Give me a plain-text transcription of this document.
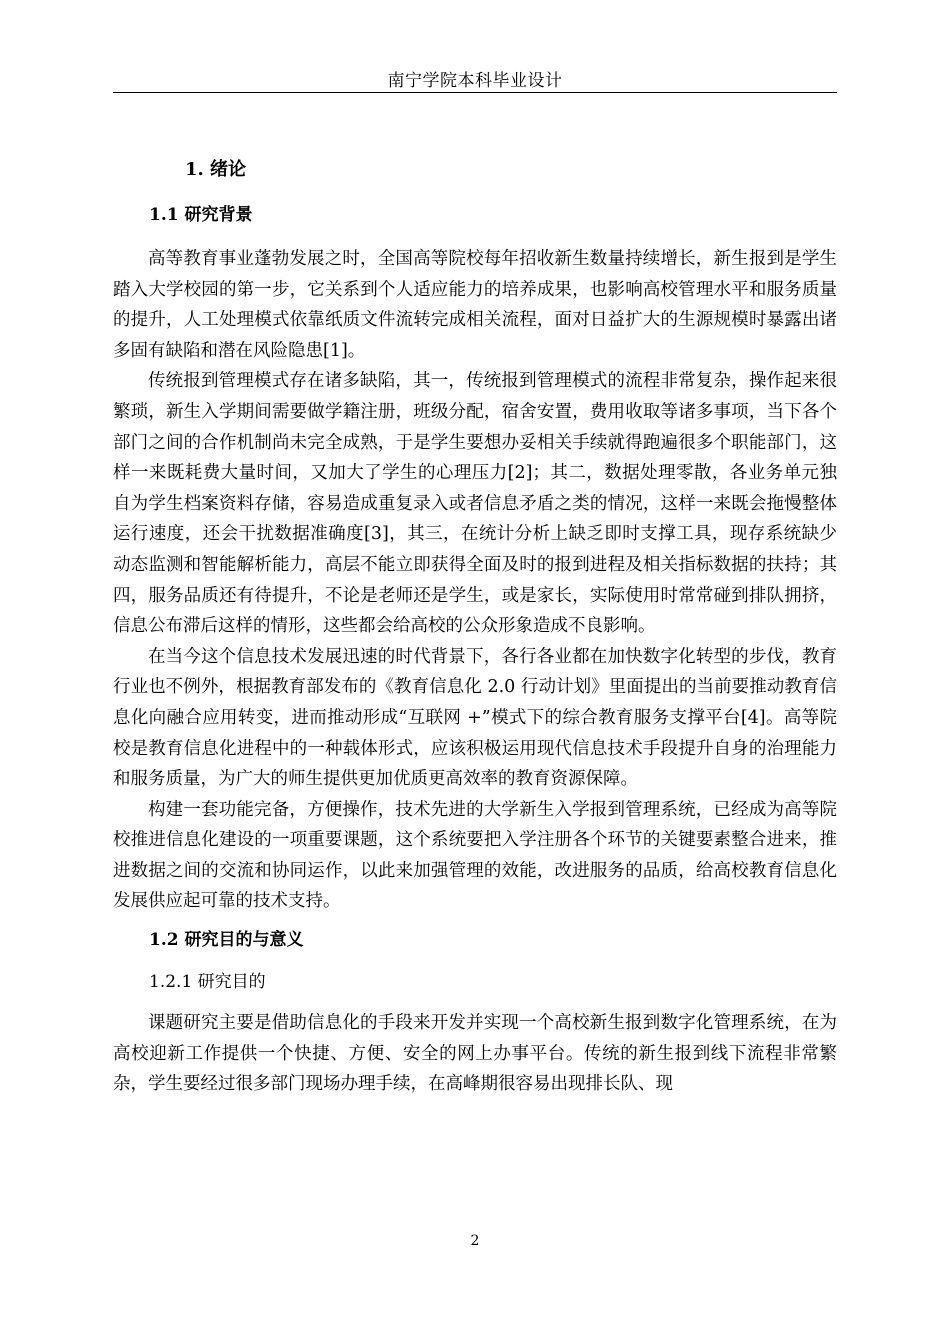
南宁学院本科毕业设计
1. 绪论
1.1 研究背景

高等教育事业蓬勃发展之时，全国高等院校每年招收新生数量持续增长，新生报到是学生踏入大学校园的第一步，它关系到个人适应能力的培养成果，也影响高校管理水平和服务质量的提升，人工处理模式依靠纸质文件流转完成相关流程，面对日益扩大的生源规模时暴露出诸多固有缺陷和潜在风险隐患[1]。

传统报到管理模式存在诸多缺陷，其一，传统报到管理模式的流程非常复杂，操作起来很繁琐，新生入学期间需要做学籍注册，班级分配，宿舍安置，费用收取等诸多事项，当下各个部门之间的合作机制尚未完全成熟，于是学生要想办妥相关手续就得跑遍很多个职能部门，这样一来既耗费大量时间，又加大了学生的心理压力[2]；其二，数据处理零散，各业务单元独自为学生档案资料存储，容易造成重复录入或者信息矛盾之类的情况，这样一来既会拖慢整体运行速度，还会干扰数据准确度[3]，其三，在统计分析上缺乏即时支撑工具，现存系统缺少动态监测和智能解析能力，高层不能立即获得全面及时的报到进程及相关指标数据的扶持；其四，服务品质还有待提升，不论是老师还是学生，或是家长，实际使用时常常碰到排队拥挤，信息公布滞后这样的情形，这些都会给高校的公众形象造成不良影响。

在当今这个信息技术发展迅速的时代背景下，各行各业都在加快数字化转型的步伐，教育行业也不例外，根据教育部发布的《教育信息化 2.0 行动计划》里面提出的当前要推动教育信息化向融合应用转变，进而推动形成“互联网 +”模式下的综合教育服务支撑平台[4]。高等院校是教育信息化进程中的一种载体形式，应该积极运用现代信息技术手段提升自身的治理能力和服务质量，为广大的师生提供更加优质更高效率的教育资源保障。

构建一套功能完备，方便操作，技术先进的大学新生入学报到管理系统，已经成为高等院校推进信息化建设的一项重要课题，这个系统要把入学注册各个环节的关键要素整合进来，推进数据之间的交流和协同运作，以此来加强管理的效能，改进服务的品质，给高校教育信息化发展供应起可靠的技术支持。

1.2 研究目的与意义
1.2.1 研究目的

课题研究主要是借助信息化的手段来开发并实现一个高校新生报到数字化管理系统，在为高校迎新工作提供一个快捷、方便、安全的网上办事平台。传统的新生报到线下流程非常繁杂，学生要经过很多部门现场办理手续，在高峰期很容易出现排长队、现

2
